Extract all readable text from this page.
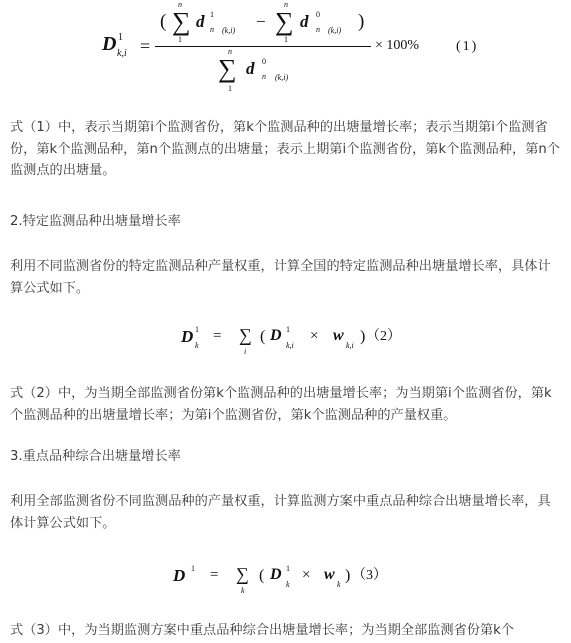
D 1
k,i =
( ∑
n
1
d 1
n (k,i) − ∑
n
1
d 0
n (k,i) )
∑
n
1
d 0
n (k,i)
× 100%	(1)

式（1）中，表示当期第i个监测省份，第k个监测品种的出塘量增长率；表示当期第i个监测省份，第k个监测品种，第n个监测点的出塘量；表示上期第i个监测省份，第k个监测品种，第n个监测点的出塘量。

2.特定监测品种出塘量增长率

利用不同监测省份的特定监测品种产量权重，计算全国的特定监测品种出塘量增长率，具体计算公式如下。

D 1
k
= ∑
i
( D 1
k,i
× w
k,i
) （2）

式（2）中，为当期全部监测省份第k个监测品种的出塘量增长率；为当期第i个监测省份，第k个监测品种的出塘量增长率；为第i个监测省份，第k个监测品种的产量权重。

3.重点品种综合出塘量增长率

利用全部监测省份不同监测品种的产量权重，计算监测方案中重点品种综合出塘量增长率，具体计算公式如下。

D 1 = ∑
k
( D 1
k
× w
k
) （3）

式（3）中，为当期监测方案中重点品种综合出塘量增长率；为当期全部监测省份第k个
